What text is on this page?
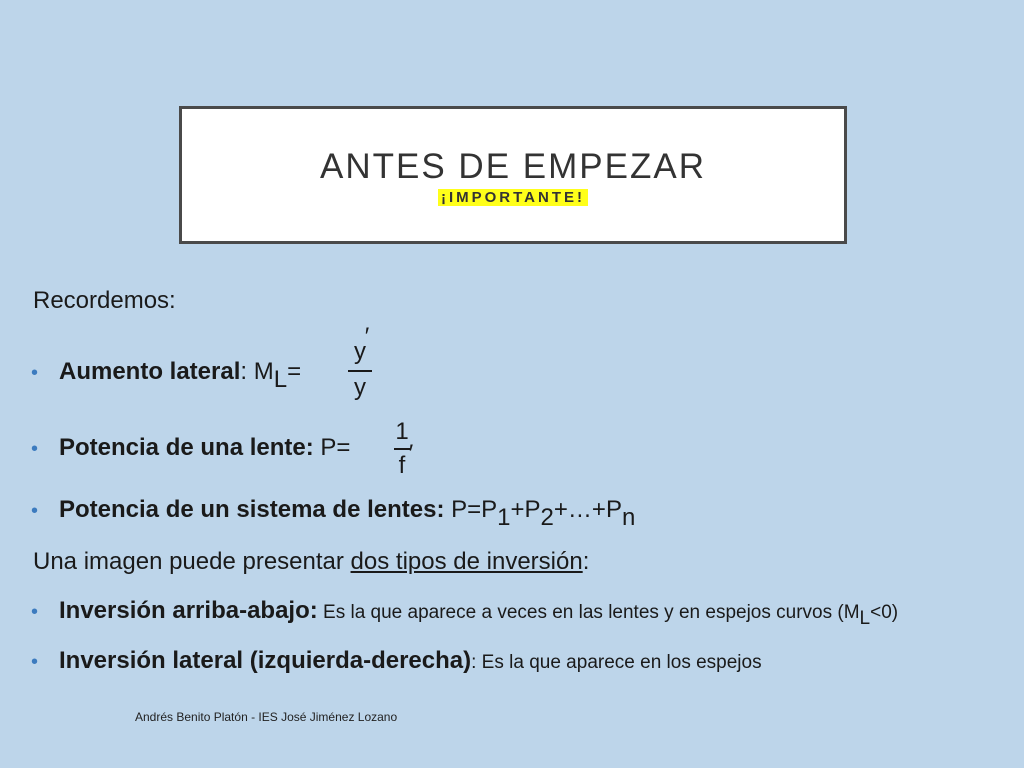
ANTES DE EMPEZAR
¡IMPORTANTE!
Recordemos:
• Aumento lateral: $M_L=$
y
′
y
• Potencia de una lente: P=
1
f ′
• Potencia de un sistema de lentes: $P=P_1+P_2+\dots+P_n$
Una imagen puede presentar dos tipos de inversión:
• Inversión arriba-abajo: Es la que aparece a veces en las lentes y en espejos curvos $(M_L<0)$
• Inversión lateral (izquierda-derecha): Es la que aparece en los espejos
Andrés Benito Platón - IES José Jiménez Lozano
